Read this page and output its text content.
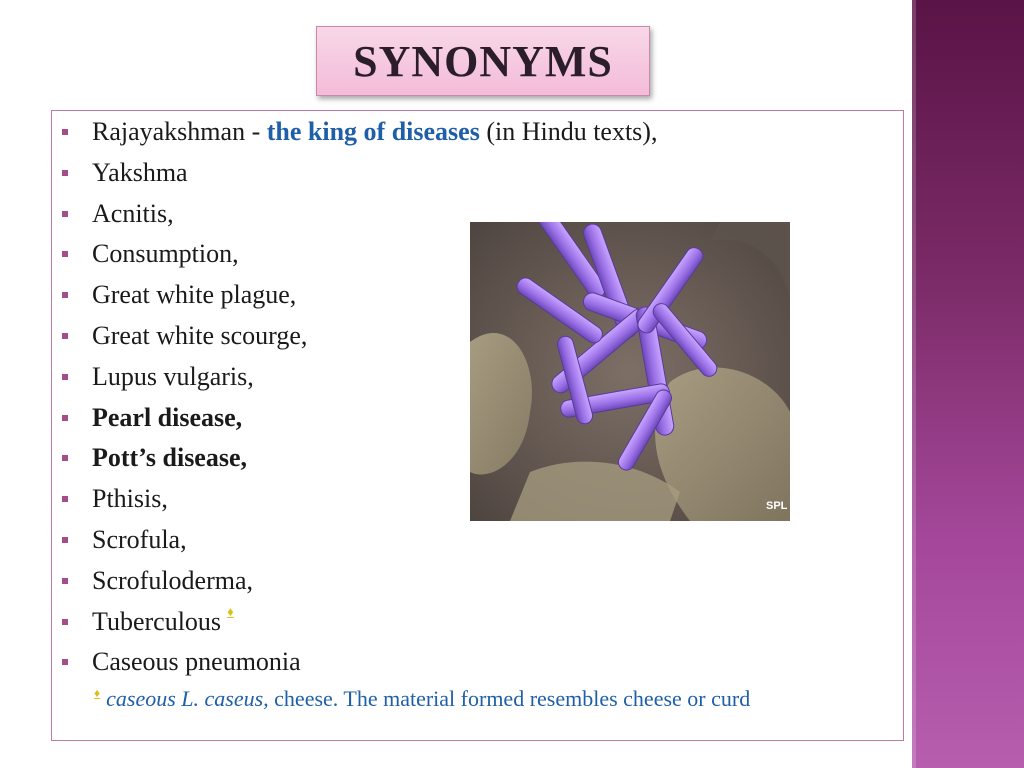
SYNONYMS
Rajayakshman - the king of diseases (in Hindu texts),
Yakshma
Acnitis,
Consumption,
Great white plague,
Great white scourge,
Lupus vulgaris,
Pearl disease,
Pott’s disease,
Pthisis,
Scrofula,
Scrofuloderma,
Tuberculous ♦
Caseous pneumonia
♦ caseous L. caseus, cheese. The material formed resembles cheese or curd
SPL
